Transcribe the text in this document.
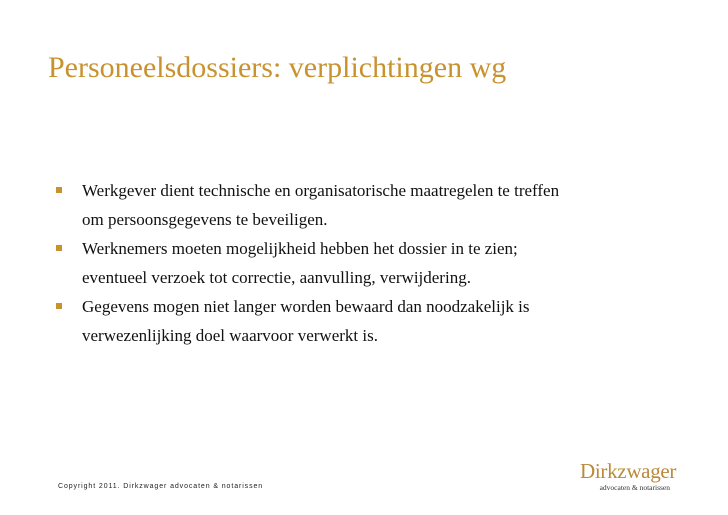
Personeelsdossiers: verplichtingen wg
Werkgever dient technische en organisatorische maatregelen te treffen
om persoonsgegevens te beveiligen.
Werknemers moeten mogelijkheid hebben het dossier in te zien;
eventueel verzoek tot correctie, aanvulling, verwijdering.
Gegevens mogen niet langer worden bewaard dan noodzakelijk is
verwezenlijking doel waarvoor verwerkt is.
Copyright 2011. Dirkzwager advocaten & notarissen
Dirkzwager
advocaten & notarissen
